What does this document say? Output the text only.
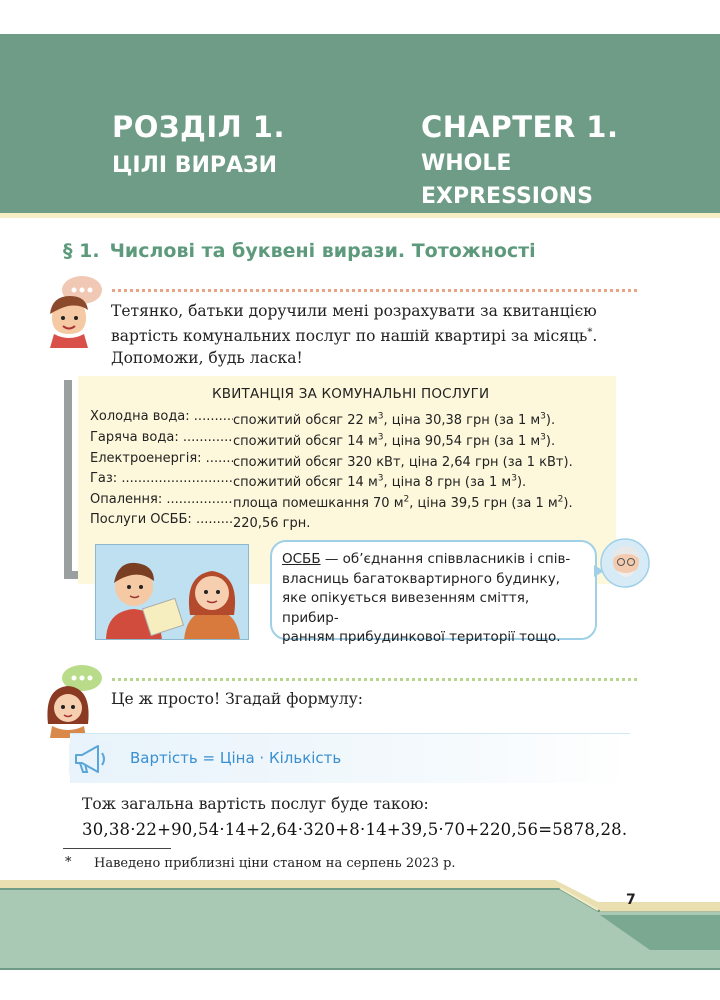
РОЗДІЛ 1.
ЦІЛІ ВИРАЗИ
CHAPTER 1.
WHOLE
EXPRESSIONS
§ 1. Числові та буквені вирази. Тотожності
Тетянко, батьки доручили мені розрахувати за квитанцією
вартість комунальних послуг по нашій квартирі за місяць*.
Допоможи, будь ласка!
КВИТАНЦІЯ ЗА КОМУНАЛЬНІ ПОСЛУГИ
Холодна вода: .....	спожитий обсяг 22 $м^3$, ціна 30,38 грн (за 1 $м^3$).
Гаряча вода: .....	спожитий обсяг 14 $м^3$, ціна 90,54 грн (за 1 $м^3$).
Електроенергія: ..... спожитий обсяг 320 кВт, ціна 2,64 грн (за 1 кВт).
Газ: .....	спожитий обсяг 14 $м^3$, ціна 8 грн (за 1 $м^3$).
Опалення: .....	площа помешкання 70 $м^2$, ціна 39,5 грн (за 1 $м^2$).
Послуги ОСББ: .....	220,56 грн.
ОСББ — об’єднання співвласників і спів-
власниць багатоквартирного будинку,
яке опікується вивезенням сміття, прибир-
ранням прибудинкової території тощо.
Це ж просто! Згадай формулу:
Вартість = Ціна · Кількість
Тож загальна вартість послуг буде такою:
30,38·22+90,54·14+2,64·320+8·14+39,5·70+220,56=5878,28.
* Наведено приблизні ціни станом на серпень 2023 р.
7
